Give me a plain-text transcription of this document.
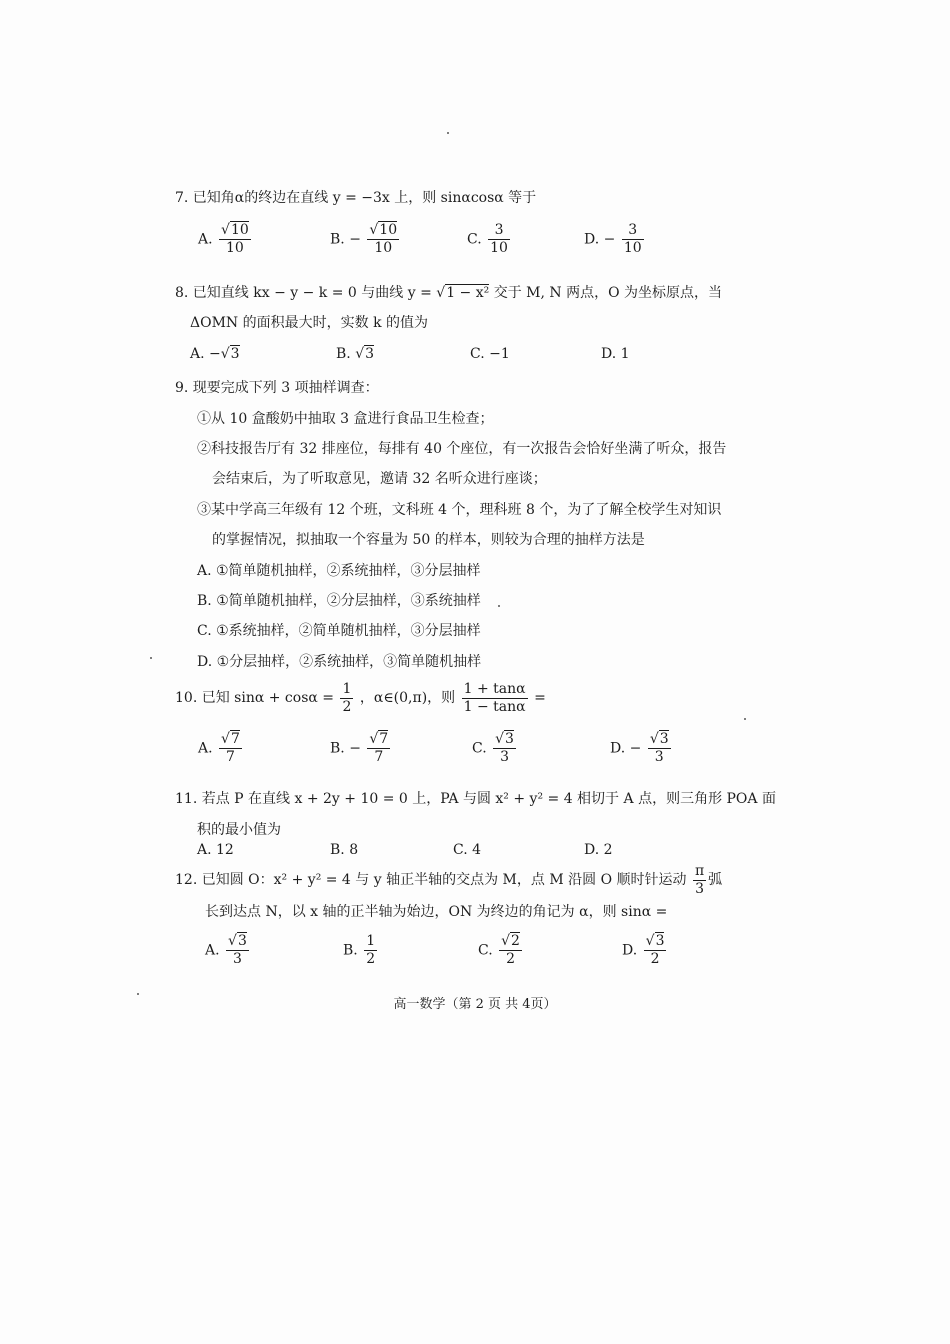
7. 已知角α的终边在直线 y = −3x 上，则 sinαcosα 等于
A. $\frac{√10}{10}$	B. − $\frac{√10}{10}$	C. $\frac{3}{10}$	D. − $\frac{3}{10}$
8. 已知直线 kx − y − k = 0 与曲线 y = √1 − x² 交于 M, N 两点，O 为坐标原点，当
ΔOMN 的面积最大时，实数 k 的值为
A. −√3	B. √3	C. −1	D. 1
9. 现要完成下列 3 项抽样调查：
①从 10 盒酸奶中抽取 3 盒进行食品卫生检查；
②科技报告厅有 32 排座位，每排有 40 个座位，有一次报告会恰好坐满了听众，报告
会结束后，为了听取意见，邀请 32 名听众进行座谈；
③某中学高三年级有 12 个班，文科班 4 个，理科班 8 个，为了了解全校学生对知识
的掌握情况，拟抽取一个容量为 50 的样本，则较为合理的抽样方法是
A. ①简单随机抽样，②系统抽样，③分层抽样
B. ①简单随机抽样，②分层抽样，③系统抽样
C. ①系统抽样，②简单随机抽样，③分层抽样
D. ①分层抽样，②系统抽样，③简单随机抽样
10. 已知 $\sin\alpha + \cos\alpha = \frac{1}{2}$ ，α∈(0,π)，则 $\frac{1 + \tan\alpha}{1 - \tan\alpha}$ =
A. $\frac{√7}{7}$	B. − $\frac{√7}{7}$	C. $\frac{√3}{3}$	D. − $\frac{√3}{3}$
11. 若点 P 在直线 x + 2y + 10 = 0 上，PA 与圆 x² + y² = 4 相切于 A 点，则三角形 POA 面
积的最小值为
A. 12	B. 8	C. 4	D. 2
12. 已知圆 O：x² + y² = 4 与 y 轴正半轴的交点为 M，点 M 沿圆 O 顺时针运动 $\frac{\pi}{3}$ 弧
长到达点 N，以 x 轴的正半轴为始边，ON 为终边的角记为 α，则 sinα =
A. $\frac{√3}{3}$	B. $\frac{1}{2}$	C. $\frac{√2}{2}$	D. $\frac{√3}{2}$
高一数学（第 2 页 共 4页）
